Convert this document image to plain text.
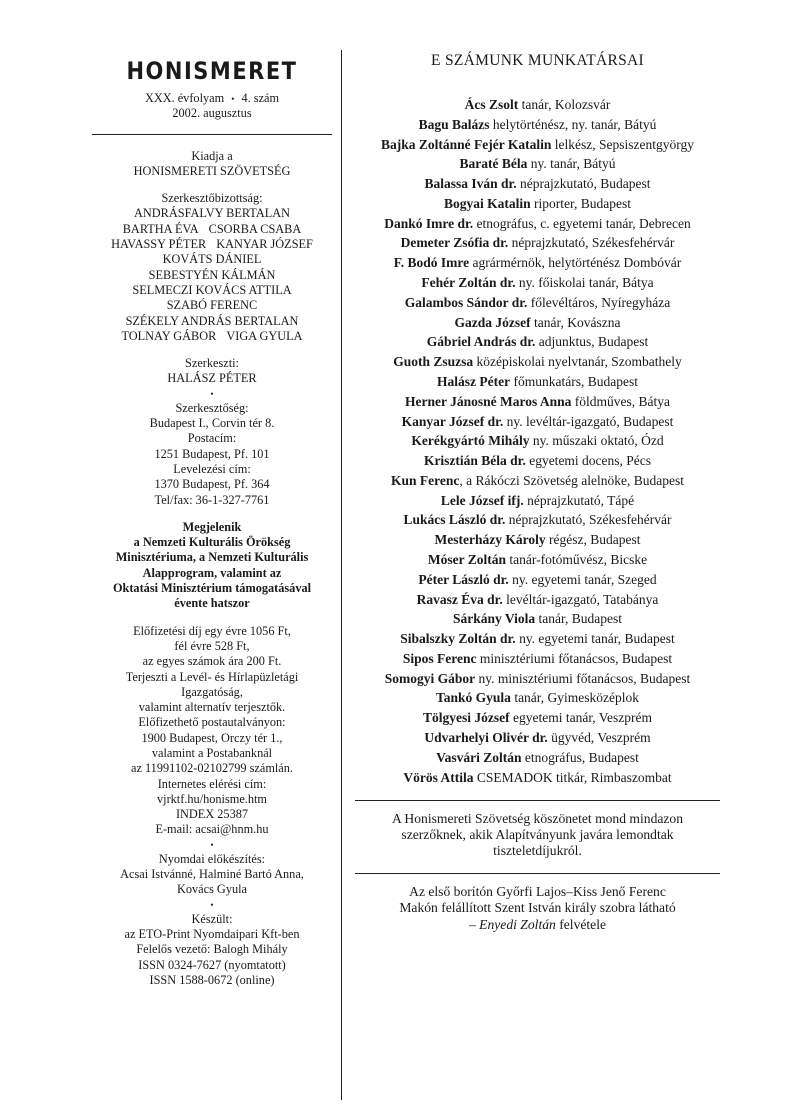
HONISMERET
XXX. évfolyam • 4. szám
2002. augusztus
Kiadja a
HONISMERETI SZÖVETSÉG
Szerkesztőbizottság:
ANDRÁSFALVY BERTALAN
BARTHA ÉVA CSORBA CSABA
HAVASSY PÉTER KANYAR JÓZSEF
KOVÁTS DÁNIEL
SEBESTYÉN KÁLMÁN
SELMECZI KOVÁCS ATTILA
SZABÓ FERENC
SZÉKELY ANDRÁS BERTALAN
TOLNAY GÁBOR VIGA GYULA
Szerkeszti:
HALÁSZ PÉTER
•
Szerkesztőség:
Budapest I., Corvin tér 8.
Postacím:
1251 Budapest, Pf. 101
Levelezési cím:
1370 Budapest, Pf. 364
Tel/fax: 36-1-327-7761
Megjelenik
a Nemzeti Kulturális Örökség
Minisztériuma, a Nemzeti Kulturális
Alapprogram, valamint az
Oktatási Minisztérium támogatásával
évente hatszor
Előfizetési díj egy évre 1056 Ft,
fél évre 528 Ft,
az egyes számok ára 200 Ft.
Terjeszti a Levél- és Hírlapüzletági
Igazgatóság,
valamint alternatív terjesztők.
Előfizethető postautalványon:
1900 Budapest, Orczy tér 1.,
valamint a Postabanknál
az 11991102-02102799 számlán.
Internetes elérési cím:
vjrktf.hu/honisme.htm
INDEX 25387
E-mail: acsai@hnm.hu
•
Nyomdai előkészítés:
Acsai Istvánné, Halminé Bartó Anna,
Kovács Gyula
•
Készült:
az ETO-Print Nyomdaipari Kft-ben
Felelős vezető: Balogh Mihály
ISSN 0324-7627 (nyomtatott)
ISSN 1588-0672 (online)
E SZÁMUNK MUNKATÁRSAI
Ács Zsolt tanár, Kolozsvár
Bagu Balázs helytörténész, ny. tanár, Bátyú
Bajka Zoltánné Fejér Katalin lelkész, Sepsiszentgyörgy
Baraté Béla ny. tanár, Bátyú
Balassa Iván dr. néprajzkutató, Budapest
Bogyai Katalin riporter, Budapest
Dankó Imre dr. etnográfus, c. egyetemi tanár, Debrecen
Demeter Zsófia dr. néprajzkutató, Székesfehérvár
F. Bodó Imre agrármérnök, helytörténész Dombóvár
Fehér Zoltán dr. ny. főiskolai tanár, Bátya
Galambos Sándor dr. főlevéltáros, Nyíregyháza
Gazda József tanár, Kovászna
Gábriel András dr. adjunktus, Budapest
Guoth Zsuzsa középiskolai nyelvtanár, Szombathely
Halász Péter főmunkatárs, Budapest
Herner Jánosné Maros Anna földműves, Bátya
Kanyar József dr. ny. levéltár-igazgató, Budapest
Kerékgyártó Mihály ny. műszaki oktató, Ózd
Krisztián Béla dr. egyetemi docens, Pécs
Kun Ferenc, a Rákóczi Szövetség alelnöke, Budapest
Lele József ifj. néprajzkutató, Tápé
Lukács László dr. néprajzkutató, Székesfehérvár
Mesterházy Károly régész, Budapest
Móser Zoltán tanár-fotóművész, Bicske
Péter László dr. ny. egyetemi tanár, Szeged
Ravasz Éva dr. levéltár-igazgató, Tatabánya
Sárkány Viola tanár, Budapest
Sibalszky Zoltán dr. ny. egyetemi tanár, Budapest
Sipos Ferenc minisztériumi főtanácsos, Budapest
Somogyi Gábor ny. minisztériumi főtanácsos, Budapest
Tankó Gyula tanár, Gyimesközéplok
Tölgyesi József egyetemi tanár, Veszprém
Udvarhelyi Olivér dr. ügyvéd, Veszprém
Vasvári Zoltán etnográfus, Budapest
Vörös Attila CSEMADOK titkár, Rimbaszombat
A Honismereti Szövetség köszönetet mond mindazon
szerzőknek, akik Alapítványunk javára lemondtak
tiszteletdíjukról.
Az első borítón Győrfi Lajos–Kiss Jenő Ferenc
Makón felállított Szent István király szobra látható
– Enyedi Zoltán felvétele
